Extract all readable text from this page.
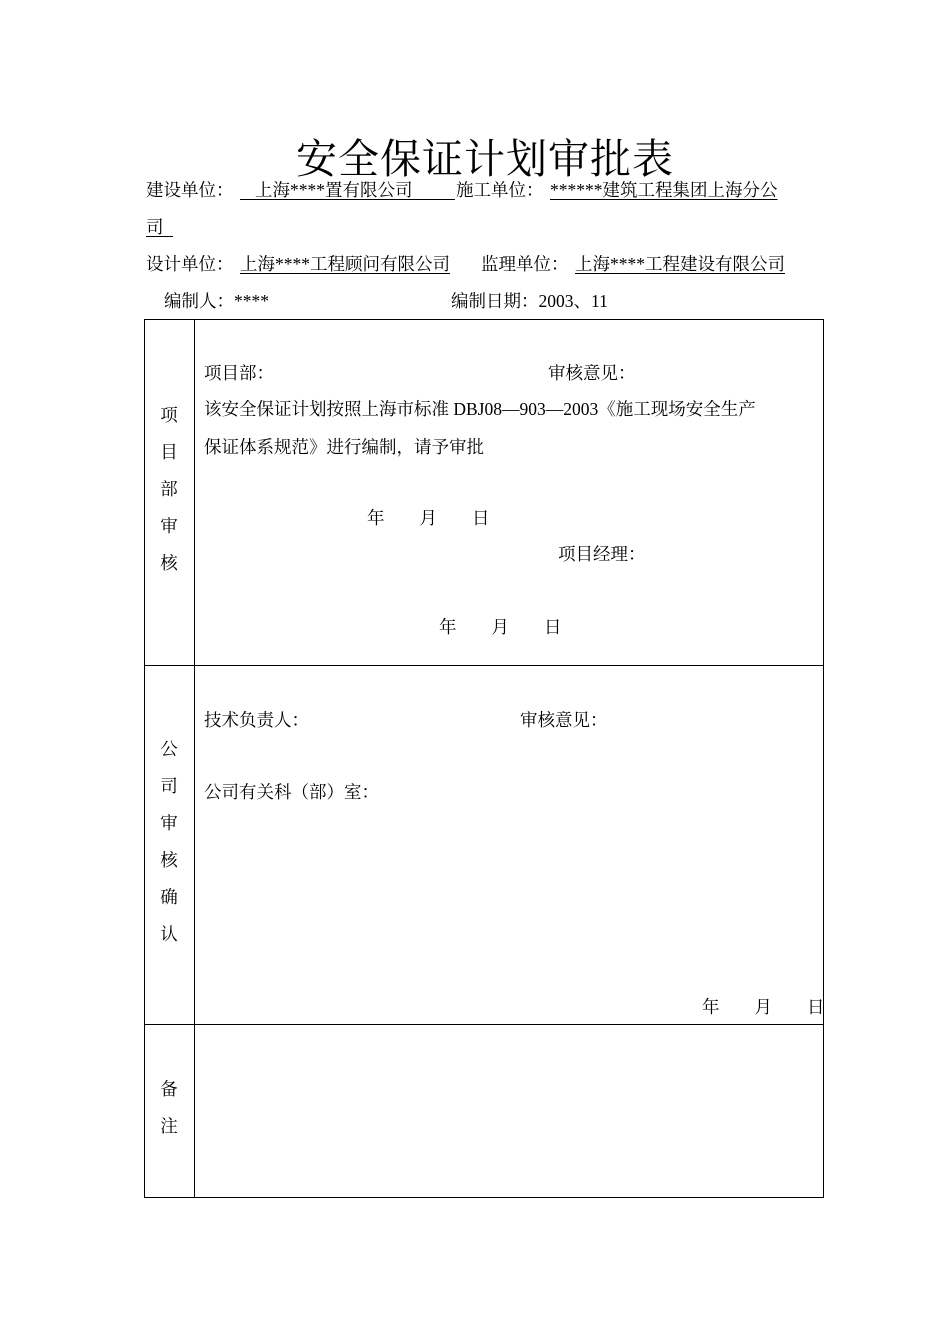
安全保证计划审批表
建设单位：	上海****置有限公司	施工单位： ******建筑工程集团上海分公
司
设计单位： 上海****工程顾问有限公司 监理单位： 上海****工程建设有限公司
编制人：****	编制日期：2003、11
项
目
部
审
核
项目部：	审核意见：
该安全保证计划按照上海市标准 DBJ08—903—2003《施工现场安全生产
保证体系规范》进行编制，请予审批
年　　月　　日
项目经理：
年　　月　　日
公
司
审
核
确
认
技术负责人：	审核意见：
公司有关科（部）室：
年　　月　　日
备
注
